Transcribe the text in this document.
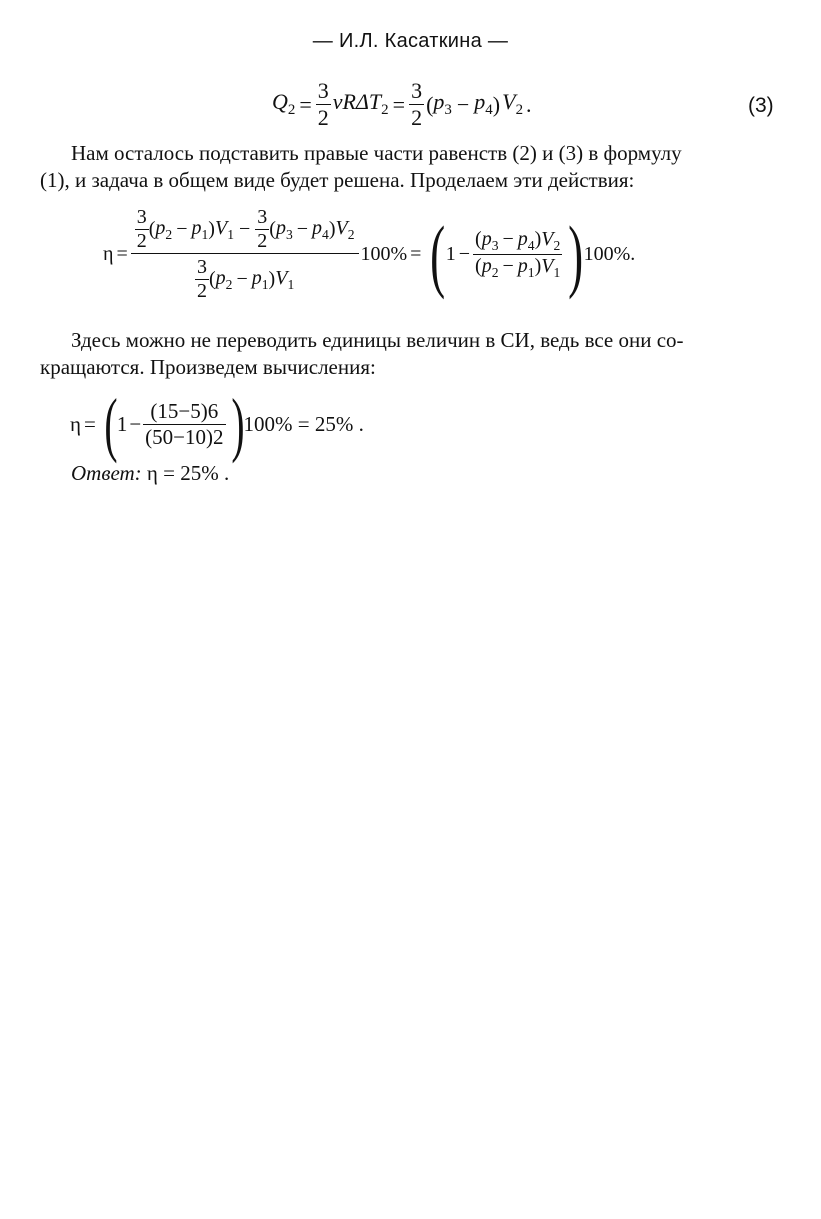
— И.Л. Касаткина —
$Q_2 = \frac{3}{2} \nu R\Delta T_2 = \frac{3}{2}$ ( $p_3 - p_4$ ) $V_2$ .	(3)
Нам осталось подставить правые части равенств (2) и (3) в формулу
(1), и задача в общем виде будет решена. Проделаем эти действия:
$\eta = \frac{\frac{3}{2} ( p_2 - p_1 ) V_1 - \frac{3}{2} ( p_3 - p_4 ) V_2}{\frac{3}{2} ( p_2 - p_1 ) V_1} 100\%$ = ( $1 - \frac{(p_3 - p_4)V_2}{(p_2 - p_1)V_1}$ ) 100%.
Здесь можно не переводить единицы величин в СИ, ведь все они со-
кращаются. Произведем вычисления:
η = ( $1 - \frac{(15-5)6}{(50-10)2}$ ) 100% = 25% .
Ответ: η = 25% .
